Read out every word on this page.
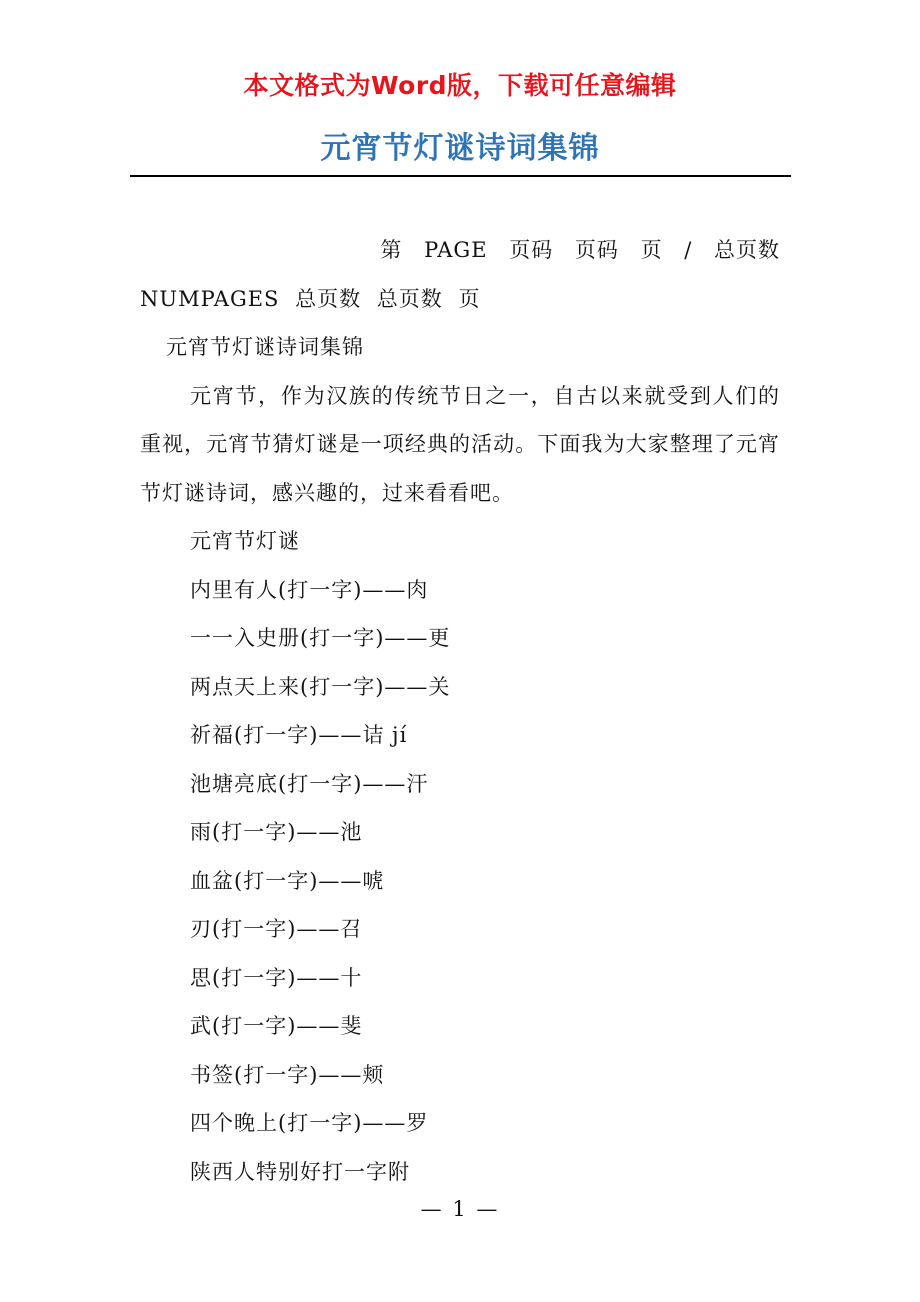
本文格式为Word版，下载可任意编辑
元宵节灯谜诗词集锦

第 PAGE 页码 页码 页 / 总页数

NUMPAGES 总页数 总页数 页

元宵节灯谜诗词集锦

元宵节，作为汉族的传统节日之一，自古以来就受到人们的重视，元宵节猜灯谜是一项经典的活动。下面我为大家整理了元宵节灯谜诗词，感兴趣的，过来看看吧。

元宵节灯谜

内里有人(打一字)——肉

一一入史册(打一字)——更

两点天上来(打一字)——关

祈福(打一字)——诘 jí

池塘亮底(打一字)——汗

雨(打一字)——池

血盆(打一字)——唬

刃(打一字)——召

思(打一字)——十

武(打一字)——斐

书签(打一字)——颊

四个晚上(打一字)——罗

陕西人特别好打一字附

— 1 —
